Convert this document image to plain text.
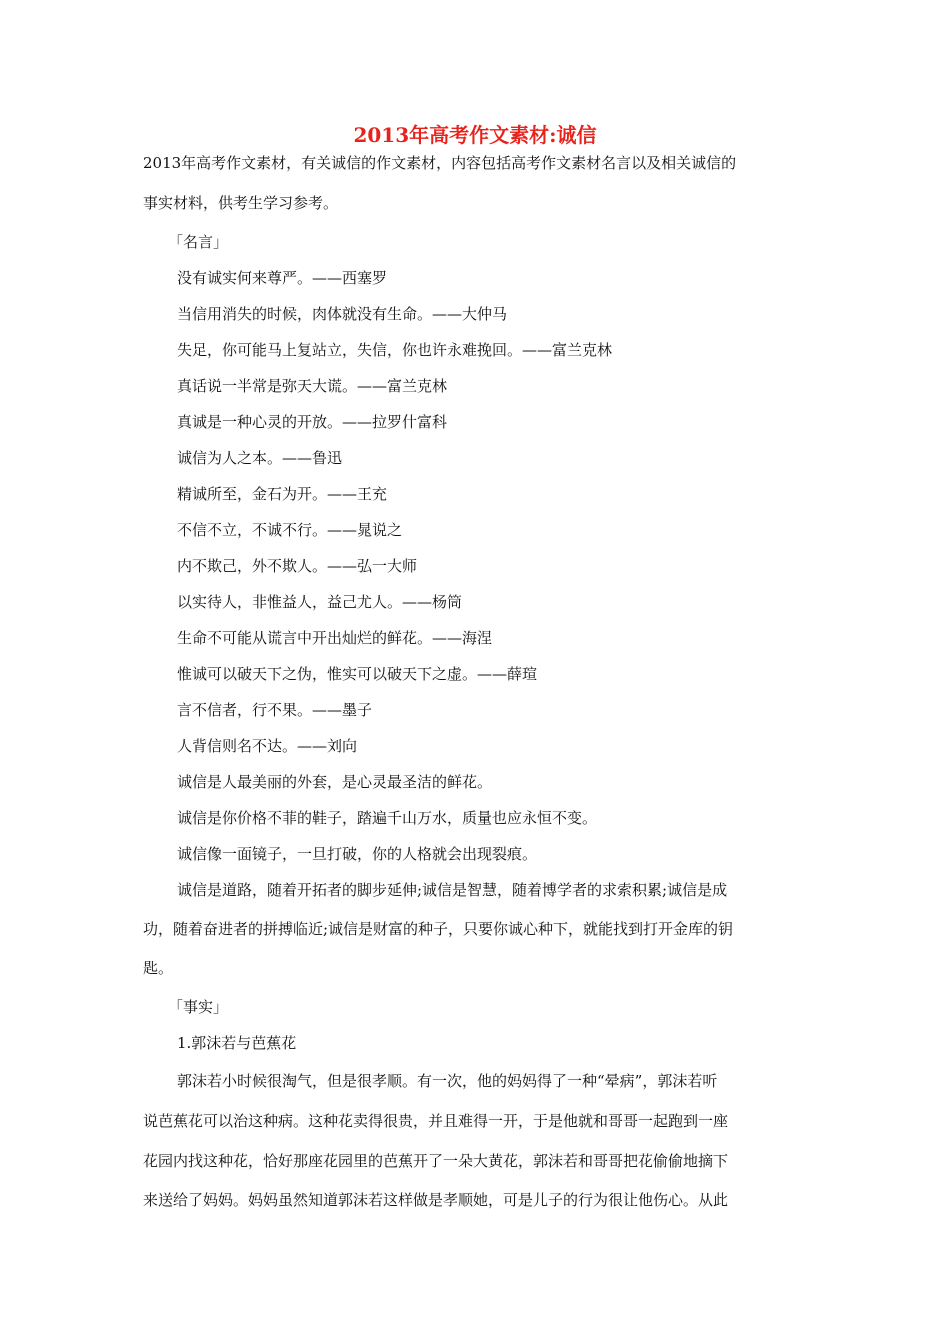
2013年高考作文素材:诚信
2013年高考作文素材，有关诚信的作文素材，内容包括高考作文素材名言以及相关诚信的
事实材料，供考生学习参考。
「名言」
没有诚实何来尊严。——西塞罗
当信用消失的时候，肉体就没有生命。——大仲马
失足，你可能马上复站立，失信，你也许永难挽回。——富兰克林
真话说一半常是弥天大谎。——富兰克林
真诚是一种心灵的开放。——拉罗什富科
诚信为人之本。——鲁迅
精诚所至，金石为开。——王充
不信不立，不诚不行。——晁说之
内不欺己，外不欺人。——弘一大师
以实待人，非惟益人，益己尤人。——杨筒
生命不可能从谎言中开出灿烂的鲜花。——海涅
惟诚可以破天下之伪，惟实可以破天下之虚。——薛瑄
言不信者，行不果。——墨子
人背信则名不达。——刘向
诚信是人最美丽的外套，是心灵最圣洁的鲜花。
诚信是你价格不菲的鞋子，踏遍千山万水，质量也应永恒不变。
诚信像一面镜子，一旦打破，你的人格就会出现裂痕。
诚信是道路，随着开拓者的脚步延伸;诚信是智慧，随着博学者的求索积累;诚信是成
功，随着奋进者的拼搏临近;诚信是财富的种子，只要你诚心种下，就能找到打开金库的钥
匙。
「事实」
1.郭沫若与芭蕉花
郭沫若小时候很淘气，但是很孝顺。有一次，他的妈妈得了一种“晕病”，郭沫若听
说芭蕉花可以治这种病。这种花卖得很贵，并且难得一开，于是他就和哥哥一起跑到一座
花园内找这种花，恰好那座花园里的芭蕉开了一朵大黄花，郭沫若和哥哥把花偷偷地摘下
来送给了妈妈。妈妈虽然知道郭沫若这样做是孝顺她，可是儿子的行为很让他伤心。从此
